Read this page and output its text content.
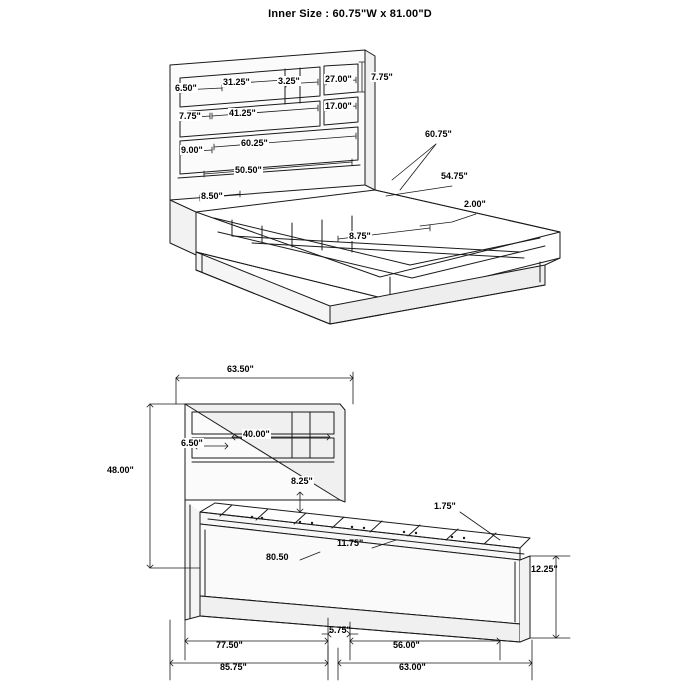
Inner Size : 60.75"W x 81.00"D
6.50"
31.25"	3.25"	27.00" 7.75"
17.00"
7.75"	41.25"
9.00"
60.25"
50.50"
8.50"
60.75"
54.75"
2.00"
8.75"
63.50"
6.50"
40.00"
48.00"
8.25"
1.75"
11.75"
80.50
12.25"
5.75"
77.50"	56.00"
85.75"	63.00"
